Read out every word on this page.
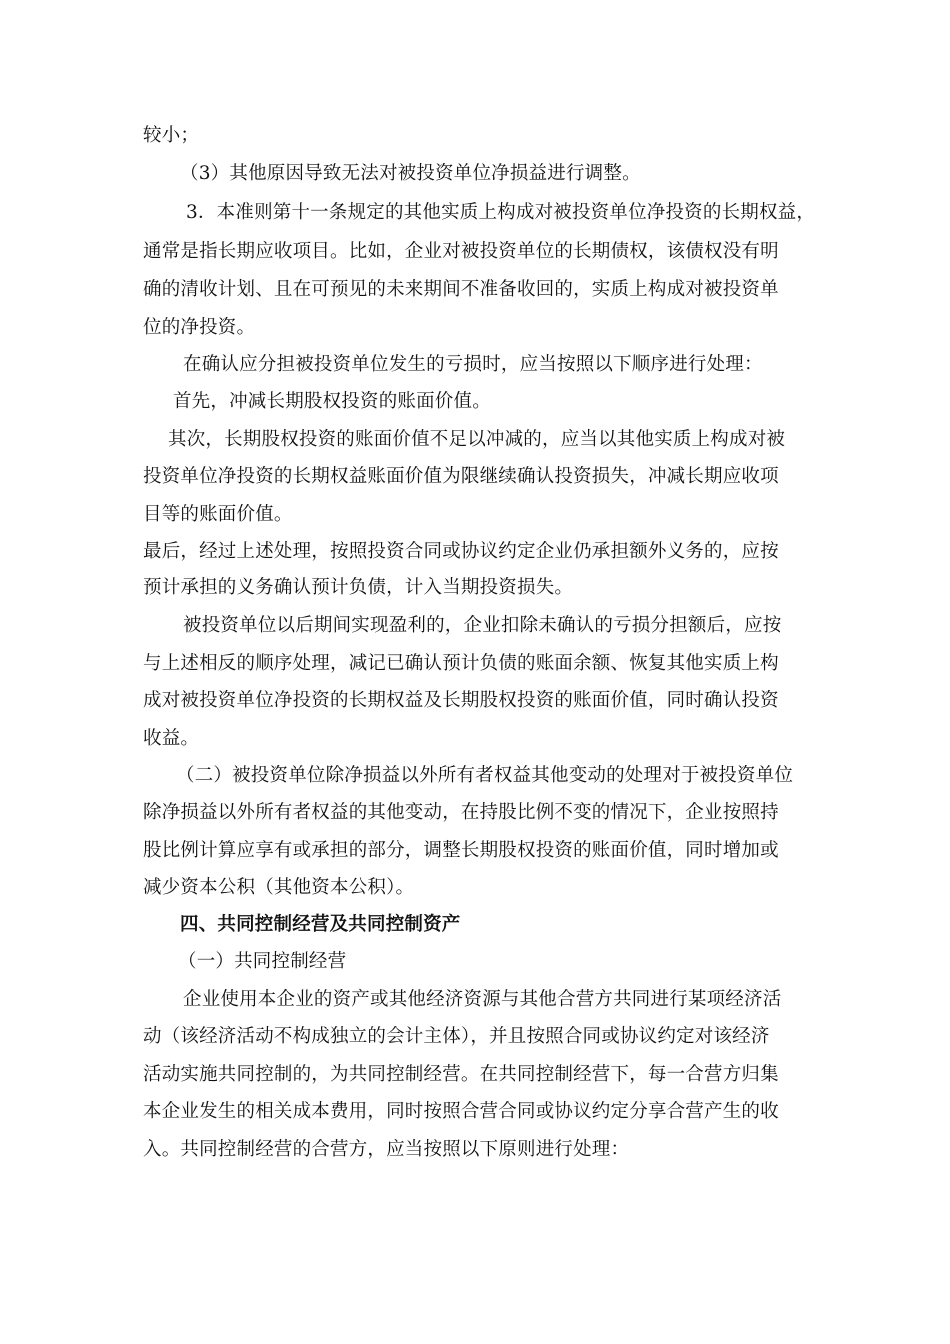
较小；
（3）其他原因导致无法对被投资单位净损益进行调整。
3．本准则第十一条规定的其他实质上构成对被投资单位净投资的长期权益，
通常是指长期应收项目。比如，企业对被投资单位的长期债权，该债权没有明
确的清收计划、且在可预见的未来期间不准备收回的，实质上构成对被投资单
位的净投资。
在确认应分担被投资单位发生的亏损时，应当按照以下顺序进行处理：
首先，冲减长期股权投资的账面价值。
其次，长期股权投资的账面价值不足以冲减的，应当以其他实质上构成对被
投资单位净投资的长期权益账面价值为限继续确认投资损失，冲减长期应收项
目等的账面价值。
最后，经过上述处理，按照投资合同或协议约定企业仍承担额外义务的，应按
预计承担的义务确认预计负债，计入当期投资损失。
被投资单位以后期间实现盈利的，企业扣除未确认的亏损分担额后，应按
与上述相反的顺序处理，减记已确认预计负债的账面余额、恢复其他实质上构
成对被投资单位净投资的长期权益及长期股权投资的账面价值，同时确认投资
收益。
（二）被投资单位除净损益以外所有者权益其他变动的处理对于被投资单位
除净损益以外所有者权益的其他变动，在持股比例不变的情况下，企业按照持
股比例计算应享有或承担的部分，调整长期股权投资的账面价值，同时增加或
减少资本公积（其他资本公积）。
四、共同控制经营及共同控制资产
（一）共同控制经营
企业使用本企业的资产或其他经济资源与其他合营方共同进行某项经济活
动（该经济活动不构成独立的会计主体），并且按照合同或协议约定对该经济
活动实施共同控制的，为共同控制经营。在共同控制经营下，每一合营方归集
本企业发生的相关成本费用，同时按照合营合同或协议约定分享合营产生的收
入。共同控制经营的合营方，应当按照以下原则进行处理：
